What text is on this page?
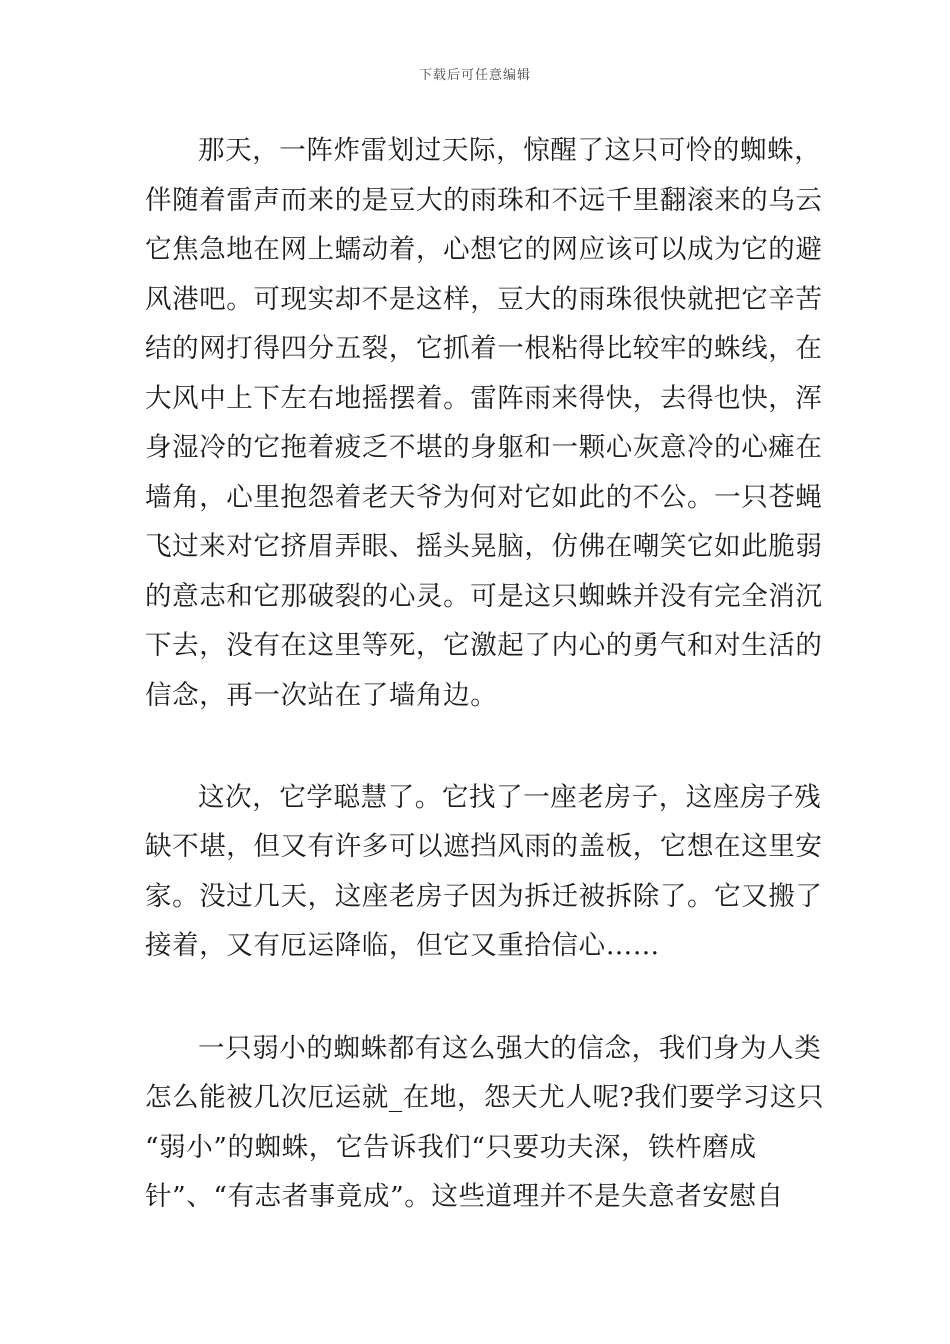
下载后可任意编辑
那天，一阵炸雷划过天际，惊醒了这只可怜的蜘蛛，
伴随着雷声而来的是豆大的雨珠和不远千里翻滚来的乌云
它焦急地在网上蠕动着，心想它的网应该可以成为它的避
风港吧。可现实却不是这样，豆大的雨珠很快就把它辛苦
结的网打得四分五裂，它抓着一根粘得比较牢的蛛线，在
大风中上下左右地摇摆着。雷阵雨来得快，去得也快，浑
身湿冷的它拖着疲乏不堪的身躯和一颗心灰意冷的心瘫在
墙角，心里抱怨着老天爷为何对它如此的不公。一只苍蝇
飞过来对它挤眉弄眼、摇头晃脑，仿佛在嘲笑它如此脆弱
的意志和它那破裂的心灵。可是这只蜘蛛并没有完全消沉
下去，没有在这里等死，它激起了内心的勇气和对生活的
信念，再一次站在了墙角边。
这次，它学聪慧了。它找了一座老房子，这座房子残
缺不堪，但又有许多可以遮挡风雨的盖板，它想在这里安
家。没过几天，这座老房子因为拆迁被拆除了。它又搬了
接着，又有厄运降临，但它又重拾信心……
一只弱小的蜘蛛都有这么强大的信念，我们身为人类
怎么能被几次厄运就_在地，怨天尤人呢?我们要学习这只
“弱小”的蜘蛛，它告诉我们“只要功夫深，铁杵磨成
针”、“有志者事竟成”。这些道理并不是失意者安慰自
